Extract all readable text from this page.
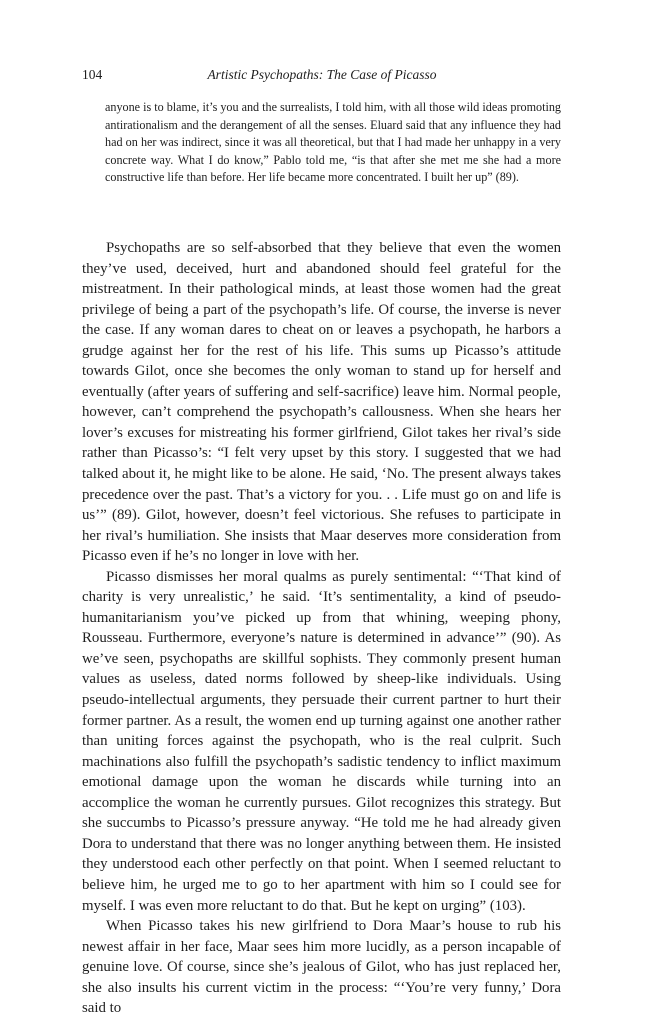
104	Artistic Psychopaths: The Case of Picasso

anyone is to blame, it’s you and the surrealists, I told him, with all those wild ideas promoting antirationalism and the derangement of all the senses. Eluard said that any influence they had had on her was indirect, since it was all theoretical, but that I had made her unhappy in a very concrete way. What I do know,” Pablo told me, “is that after she met me she had a more constructive life than before. Her life became more concentrated. I built her up” (89).

Psychopaths are so self-absorbed that they believe that even the women they’ve used, deceived, hurt and abandoned should feel grateful for the mistreatment. In their pathological minds, at least those women had the great privilege of being a part of the psychopath’s life. Of course, the inverse is never the case. If any woman dares to cheat on or leaves a psychopath, he harbors a grudge against her for the rest of his life. This sums up Picasso’s attitude towards Gilot, once she becomes the only woman to stand up for herself and eventually (after years of suffering and self-sacrifice) leave him. Normal people, however, can’t comprehend the psychopath’s callousness. When she hears her lover’s excuses for mistreating his former girlfriend, Gilot takes her rival’s side rather than Picasso’s: “I felt very upset by this story. I suggested that we had talked about it, he might like to be alone. He said, ‘No. The present always takes precedence over the past. That’s a victory for you. . . Life must go on and life is us’” (89). Gilot, however, doesn’t feel victorious. She refuses to participate in her rival’s humiliation. She insists that Maar deserves more consideration from Picasso even if he’s no longer in love with her.

Picasso dismisses her moral qualms as purely sentimental: “‘That kind of charity is very unrealistic,’ he said. ‘It’s sentimentality, a kind of pseudo-humanitarianism you’ve picked up from that whining, weeping phony, Rousseau. Furthermore, everyone’s nature is determined in advance’” (90). As we’ve seen, psychopaths are skillful sophists. They commonly present human values as useless, dated norms followed by sheep-like individuals. Using pseudo-intellectual arguments, they persuade their current partner to hurt their former partner. As a result, the women end up turning against one another rather than uniting forces against the psychopath, who is the real culprit. Such machinations also fulfill the psychopath’s sadistic tendency to inflict maximum emotional damage upon the woman he discards while turning into an accomplice the woman he currently pursues. Gilot recognizes this strategy. But she succumbs to Picasso’s pressure anyway. “He told me he had already given Dora to understand that there was no longer anything between them. He insisted they understood each other perfectly on that point. When I seemed reluctant to believe him, he urged me to go to her apartment with him so I could see for myself. I was even more reluctant to do that. But he kept on urging” (103).

When Picasso takes his new girlfriend to Dora Maar’s house to rub his newest affair in her face, Maar sees him more lucidly, as a person incapable of genuine love. Of course, since she’s jealous of Gilot, who has just replaced her, she also insults his current victim in the process: “‘You’re very funny,’ Dora said to
